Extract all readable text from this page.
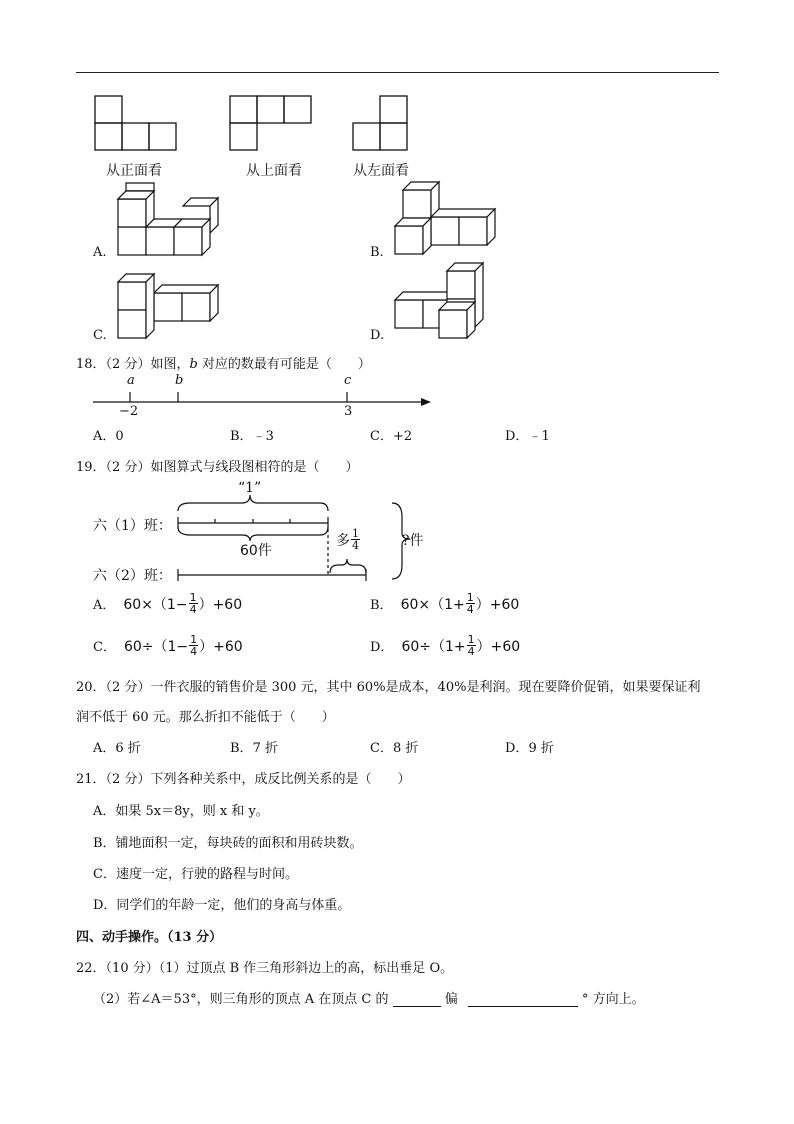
从正面看	从上面看	从左面看
A.	B.
C.	D.
18．（2 分）如图，b 对应的数最有可能是（　　）
a	b	c
−2	3
A．0	B．﹣3	C．+2	D．﹣1
19．（2 分）如图算式与线段图相符的是（　　）
“1”
六（1）班：
60件
六（2）班：
多 $\frac{1}{4}$	?件
A． $60\times(1- \frac{1}{4} )+60$	B． $60\times(1+ \frac{1}{4} )+60$
C． $60\div(1- \frac{1}{4} )+60$	D． $60\div(1+ \frac{1}{4} )+60$
20．（2 分）一件衣服的销售价是 300 元，其中 60%是成本，40%是利润。现在要降价促销，如果要保证利
润不低于 60 元。那么折扣不能低于（　　）
A．6 折	B．7 折	C．8 折	D．9 折
21．（2 分）下列各种关系中，成反比例关系的是（　　）
A．如果 5x＝8y，则 x 和 y。
B．铺地面积一定，每块砖的面积和用砖块数。
C．速度一定，行驶的路程与时间。
D．同学们的年龄一定，他们的身高与体重。
四、动手操作。（13 分）
22．（10 分）（1）过顶点 B 作三角形斜边上的高，标出垂足 O。
（2）若∠A＝53°，则三角形的顶点 A 在顶点 C 的	偏	° 方向上。
